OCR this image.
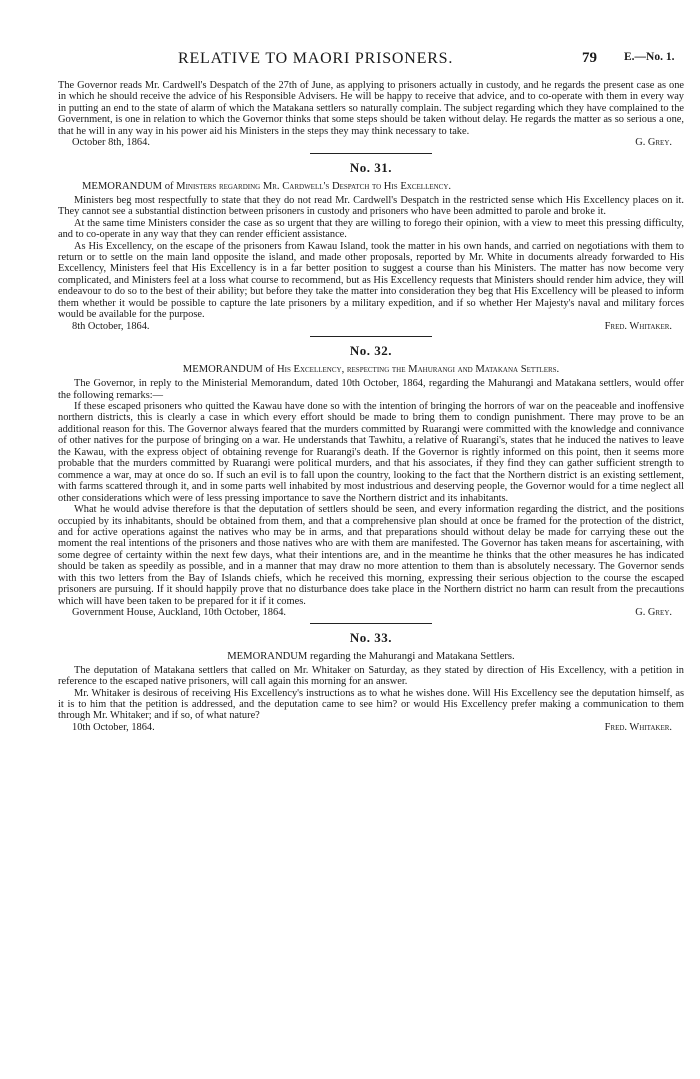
RELATIVE TO MAORI PRISONERS.	79 E.—No. 1.

The Governor reads Mr. Cardwell's Despatch of the 27th of June, as applying to prisoners actually in custody, and he regards the present case as one in which he should receive the advice of his Responsible Advisers. He will be happy to receive that advice, and to co-operate with them in every way in putting an end to the state of alarm of which the Matakana settlers so naturally complain. The subject regarding which they have complained to the Government, is one in relation to which the Governor thinks that some steps should be taken without delay. He regards the matter as so serious a one, that he will in any way in his power aid his Ministers in the steps they may think necessary to take.

October 8th, 1864.	G. Grey.
No. 31.

MEMORANDUM of Ministers regarding Mr. Cardwell's Despatch to His Excellency.

Ministers beg most respectfully to state that they do not read Mr. Cardwell's Despatch in the restricted sense which His Excellency places on it. They cannot see a substantial distinction between prisoners in custody and prisoners who have been admitted to parole and broke it.

At the same time Ministers consider the case as so urgent that they are willing to forego their opinion, with a view to meet this pressing difficulty, and to co-operate in any way that they can render efficient assistance.

As His Excellency, on the escape of the prisoners from Kawau Island, took the matter in his own hands, and carried on negotiations with them to return or to settle on the main land opposite the island, and made other proposals, reported by Mr. White in documents already forwarded to His Excellency, Ministers feel that His Excellency is in a far better position to suggest a course than his Ministers. The matter has now become very complicated, and Ministers feel at a loss what course to recommend, but as His Excellency requests that Ministers should render him advice, they will endeavour to do so to the best of their ability; but before they take the matter into consideration they beg that His Excellency will be pleased to inform them whether it would be possible to capture the late prisoners by a military expedition, and if so whether Her Majesty's naval and military forces would be available for the purpose.

8th October, 1864.	Fred. Whitaker.
No. 32.

MEMORANDUM of His Excellency, respecting the Mahurangi and Matakana Settlers.

The Governor, in reply to the Ministerial Memorandum, dated 10th October, 1864, regarding the Mahurangi and Matakana settlers, would offer the following remarks:—

If these escaped prisoners who quitted the Kawau have done so with the intention of bringing the horrors of war on the peaceable and inoffensive northern districts, this is clearly a case in which every effort should be made to bring them to condign punishment. There may prove to be an additional reason for this. The Governor always feared that the murders committed by Ruarangi were committed with the knowledge and connivance of other natives for the purpose of bringing on a war. He understands that Tawhitu, a relative of Ruarangi's, states that he induced the natives to leave the Kawau, with the express object of obtaining revenge for Ruarangi's death. If the Governor is rightly informed on this point, then it seems more probable that the murders committed by Ruarangi were political murders, and that his associates, if they find they can gather sufficient strength to commence a war, may at once do so. If such an evil is to fall upon the country, looking to the fact that the Northern district is an existing settlement, with farms scattered through it, and in some parts well inhabited by most industrious and deserving people, the Governor would for a time neglect all other considerations which were of less pressing importance to save the Northern district and its inhabitants.

What he would advise therefore is that the deputation of settlers should be seen, and every information regarding the district, and the positions occupied by its inhabitants, should be obtained from them, and that a comprehensive plan should at once be framed for the protection of the district, and for active operations against the natives who may be in arms, and that preparations should without delay be made for carrying these out the moment the real intentions of the prisoners and those natives who are with them are manifested. The Governor has taken means for ascertaining, with some degree of certainty within the next few days, what their intentions are, and in the meantime he thinks that the other measures he has indicated should be taken as speedily as possible, and in a manner that may draw no more attention to them than is absolutely necessary. The Governor sends with this two letters from the Bay of Islands chiefs, which he received this morning, expressing their serious objection to the course the escaped prisoners are pursuing. If it should happily prove that no disturbance does take place in the Northern district no harm can result from the precautions which will have been taken to be prepared for it if it comes.

Government House, Auckland, 10th October, 1864.	G. Grey.
No. 33.

MEMORANDUM regarding the Mahurangi and Matakana Settlers.

The deputation of Matakana settlers that called on Mr. Whitaker on Saturday, as they stated by direction of His Excellency, with a petition in reference to the escaped native prisoners, will call again this morning for an answer.

Mr. Whitaker is desirous of receiving His Excellency's instructions as to what he wishes done. Will His Excellency see the deputation himself, as it is to him that the petition is addressed, and the deputation came to see him? or would His Excellency prefer making a communication to them through Mr. Whitaker; and if so, of what nature?

10th October, 1864.	Fred. Whitaker.
